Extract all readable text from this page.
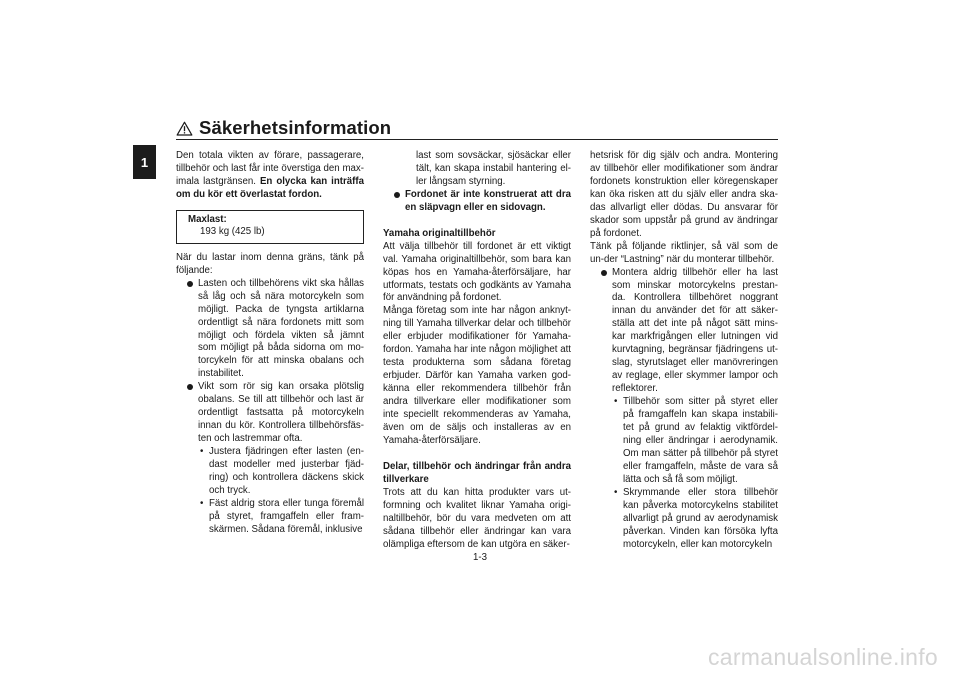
Säkerhetsinformation
1	Den totala vikten av förare, passagerare, tillbehör och last får inte överstiga den max-imala lastgränsen. En olycka kan inträffa om du kör ett överlastat fordon.

Maxlast:
193 kg (425 lb)

När du lastar inom denna gräns, tänk på följande:

Lasten och tillbehörens vikt ska hållas så låg och så nära motorcykeln som möjligt. Packa de tyngsta artiklarna ordentligt så nära fordonets mitt som möjligt och fördela vikten så jämnt som möjligt på båda sidorna om mo-torcykeln för att minska obalans och instabilitet.
Vikt som rör sig kan orsaka plötslig obalans. Se till att tillbehör och last är ordentligt fastsatta på motorcykeln innan du kör. Kontrollera tillbehörsfäs-ten och lastremmar ofta.
• Justera fjädringen efter lasten (en-dast modeller med justerbar fjäd-ring) och kontrollera däckens skick och tryck.
• Fäst aldrig stora eller tunga föremål på styret, framgaffeln eller fram-skärmen. Sådana föremål, inklusive
last som sovsäckar, sjösäckar eller tält, kan skapa instabil hantering el-ler långsam styrning.
Fordonet är inte konstruerat att dra en släpvagn eller en sidovagn.

Yamaha originaltillbehör

Att välja tillbehör till fordonet är ett viktigt val. Yamaha originaltillbehör, som bara kan köpas hos en Yamaha-återförsäljare, har utformats, testats och godkänts av Yamaha för användning på fordonet.

Många företag som inte har någon anknyt-ning till Yamaha tillverkar delar och tillbehör eller erbjuder modifikationer för Yamaha-fordon. Yamaha har inte någon möjlighet att testa produkterna som sådana företag erbjuder. Därför kan Yamaha varken god-känna eller rekommendera tillbehör från andra tillverkare eller modifikationer som inte speciellt rekommenderas av Yamaha, även om de säljs och installeras av en Yamaha-återförsäljare.

Delar, tillbehör och ändringar från andra tillverkare

Trots att du kan hitta produkter vars ut-formning och kvalitet liknar Yamaha origi-naltillbehör, bör du vara medveten om att sådana tillbehör eller ändringar kan vara olämpliga eftersom de kan utgöra en säker-

hetsrisk för dig själv och andra. Montering av tillbehör eller modifikationer som ändrar fordonets konstruktion eller köregenskaper kan öka risken att du själv eller andra ska-das allvarligt eller dödas. Du ansvarar för skador som uppstår på grund av ändringar på fordonet.

Tänk på följande riktlinjer, så väl som de un-der “Lastning” när du monterar tillbehör.

Montera aldrig tillbehör eller ha last som minskar motorcykelns prestan-da. Kontrollera tillbehöret noggrant innan du använder det för att säker-ställa att det inte på något sätt mins-kar markfrigången eller lutningen vid kurvtagning, begränsar fjädringens ut-slag, styrutslaget eller manövreringen av reglage, eller skymmer lampor och reflektorer.
• Tillbehör som sitter på styret eller på framgaffeln kan skapa instabili-tet på grund av felaktig viktfördel-ning eller ändringar i aerodynamik. Om man sätter på tillbehör på styret eller framgaffeln, måste de vara så lätta och så få som möjligt.
• Skrymmande eller stora tillbehör kan påverka motorcykelns stabilitet allvarligt på grund av aerodynamisk påverkan. Vinden kan försöka lyfta motorcykeln, eller kan motorcykeln
1-3
carmanualsonline.info
